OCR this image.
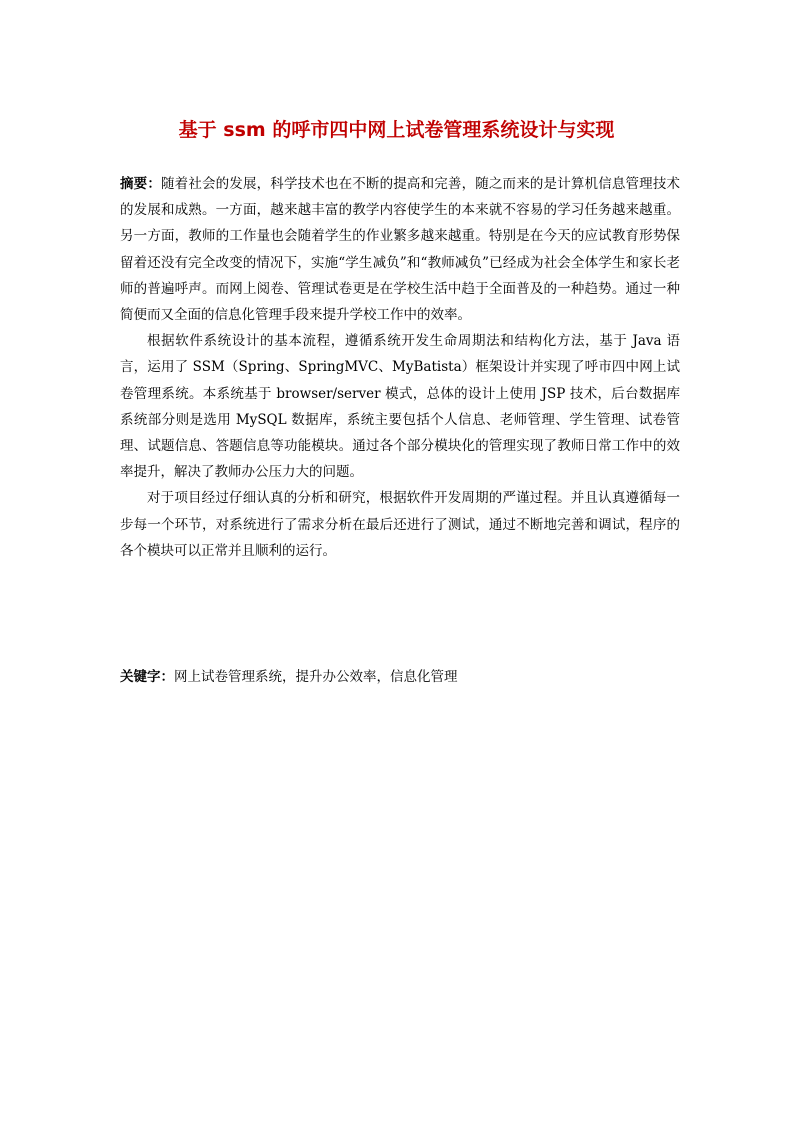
基于 ssm 的呼市四中网上试卷管理系统设计与实现

摘要：随着社会的发展，科学技术也在不断的提高和完善，随之而来的是计算机信息管理技术的发展和成熟。一方面，越来越丰富的教学内容使学生的本来就不容易的学习任务越来越重。另一方面，教师的工作量也会随着学生的作业繁多越来越重。特别是在今天的应试教育形势保留着还没有完全改变的情况下，实施“学生减负”和“教师减负”已经成为社会全体学生和家长老师的普遍呼声。而网上阅卷、管理试卷更是在学校生活中趋于全面普及的一种趋势。通过一种简便而又全面的信息化管理手段来提升学校工作中的效率。

根据软件系统设计的基本流程，遵循系统开发生命周期法和结构化方法，基于 Java 语言，运用了 SSM（Spring、SpringMVC、MyBatista）框架设计并实现了呼市四中网上试卷管理系统。本系统基于 browser/server 模式，总体的设计上使用 JSP 技术，后台数据库系统部分则是选用 MySQL 数据库，系统主要包括个人信息、老师管理、学生管理、试卷管理、试题信息、答题信息等功能模块。通过各个部分模块化的管理实现了教师日常工作中的效率提升，解决了教师办公压力大的问题。

对于项目经过仔细认真的分析和研究，根据软件开发周期的严谨过程。并且认真遵循每一步每一个环节，对系统进行了需求分析在最后还进行了测试，通过不断地完善和调试，程序的各个模块可以正常并且顺利的运行。

关键字：网上试卷管理系统，提升办公效率，信息化管理
